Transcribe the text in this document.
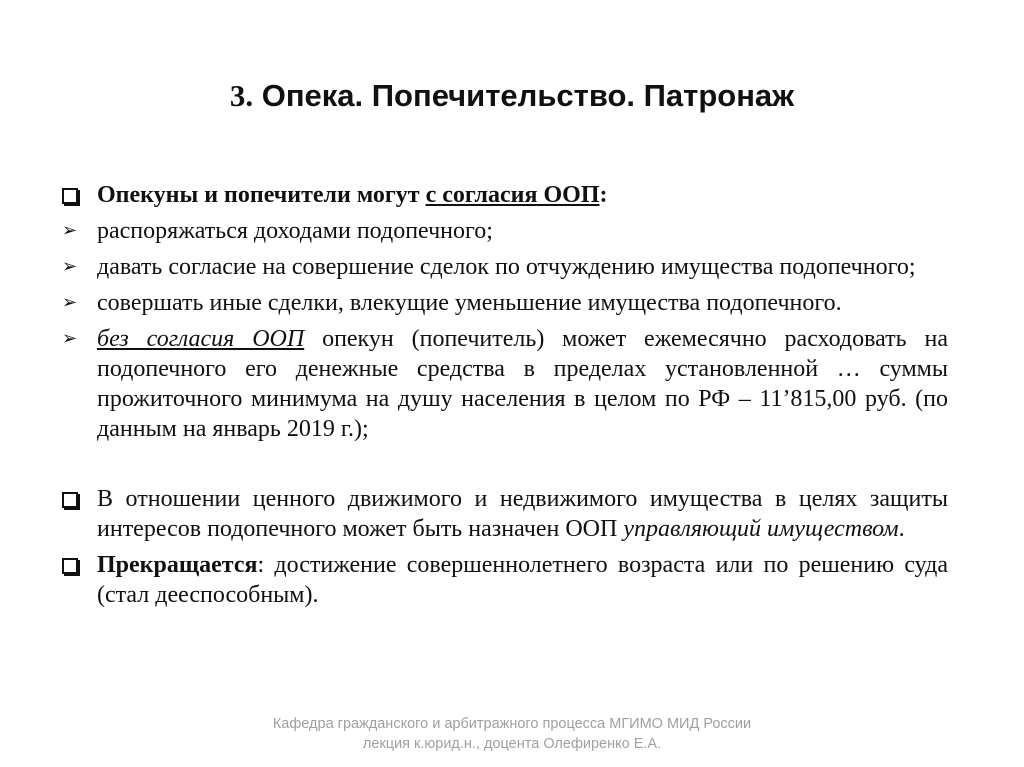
3. Опека. Попечительство. Патронаж
Опекуны и попечители могут с согласия ООП:
➢ распоряжаться доходами подопечного;
➢ давать согласие на совершение сделок по отчуждению имущества подопечного;
➢ совершать иные сделки, влекущие уменьшение имущества подопечного.
➢ без согласия ООП опекун (попечитель) может ежемесячно расходовать на подопечного его денежные средства в пределах установленной … суммы прожиточного минимума на душу населения в целом по РФ – 11’815,00 руб. (по данным на январь 2019 г.);
В отношении ценного движимого и недвижимого имущества в целях защиты интересов подопечного может быть назначен ООП управляющий имуществом.
Прекращается: достижение совершеннолетнего возраста или по решению суда (стал дееспособным).
Кафедра гражданского и арбитражного процесса МГИМО МИД России
лекция к.юрид.н., доцента Олефиренко Е.А.
